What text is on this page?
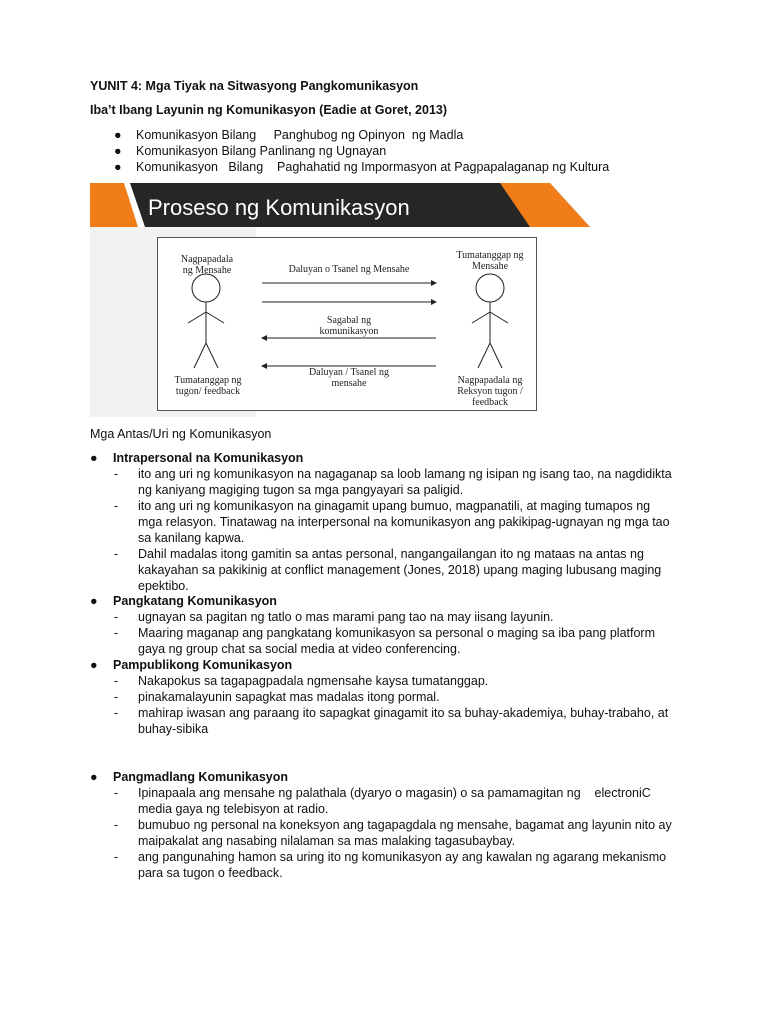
YUNIT 4: Mga Tiyak na Sitwasyong Pangkomunikasyon
Iba’t Ibang Layunin ng Komunikasyon (Eadie at Goret, 2013)
● Komunikasyon Bilang     Panghubog ng Opinyon  ng Madla
● Komunikasyon Bilang Panlinang ng Ugnayan
● Komunikasyon   Bilang    Paghahatid ng Impormasyon at Pagpapalaganap ng Kultura
Proseso ng Komunikasyon
Nagpapadala
ng Mensahe
Tumatanggap ng
tugon/ feedback
Tumatanggap ng
Mensahe
Nagpapadala ng
Reksyon tugon /
feedback
Daluyan o Tsanel ng Mensahe
Sagabal ng
komunikasyon
Daluyan / Tsanel ng
mensahe
Mga Antas/Uri ng Komunikasyon
● Intrapersonal na Komunikasyon
- ito ang uri ng komunikasyon na nagaganap sa loob lamang ng isipan ng isang tao, na nagdidikta
ng kaniyang magiging tugon sa mga pangyayari sa paligid.
- ito ang uri ng komunikasyon na ginagamit upang bumuo, magpanatili, at maging tumapos ng
mga relasyon. Tinatawag na interpersonal na komunikasyon ang pakikipag-ugnayan ng mga tao
sa kanilang kapwa.
- Dahil madalas itong gamitin sa antas personal, nangangailangan ito ng mataas na antas ng
kakayahan sa pakikinig at conflict management (Jones, 2018) upang maging lubusang maging
epektibo.
● Pangkatang Komunikasyon
- ugnayan sa pagitan ng tatlo o mas marami pang tao na may iisang layunin.
- Maaring maganap ang pangkatang komunikasyon sa personal o maging sa iba pang platform
gaya ng group chat sa social media at video conferencing.
● Pampublikong Komunikasyon
- Nakapokus sa tagapagpadala ngmensahe kaysa tumatanggap.
- pinakamalayunin sapagkat mas madalas itong pormal.
- mahirap iwasan ang paraang ito sapagkat ginagamit ito sa buhay-akademiya, buhay-trabaho, at
buhay-sibika
● Pangmadlang Komunikasyon
- Ipinapaala ang mensahe ng palathala (dyaryo o magasin) o sa pamamagitan ng    electroniC
media gaya ng telebisyon at radio.
- bumubuo ng personal na koneksyon ang tagapagdala ng mensahe, bagamat ang layunin nito ay
maipakalat ang nasabing nilalaman sa mas malaking tagasubaybay.
- ang pangunahing hamon sa uring ito ng komunikasyon ay ang kawalan ng agarang mekanismo
para sa tugon o feedback.
